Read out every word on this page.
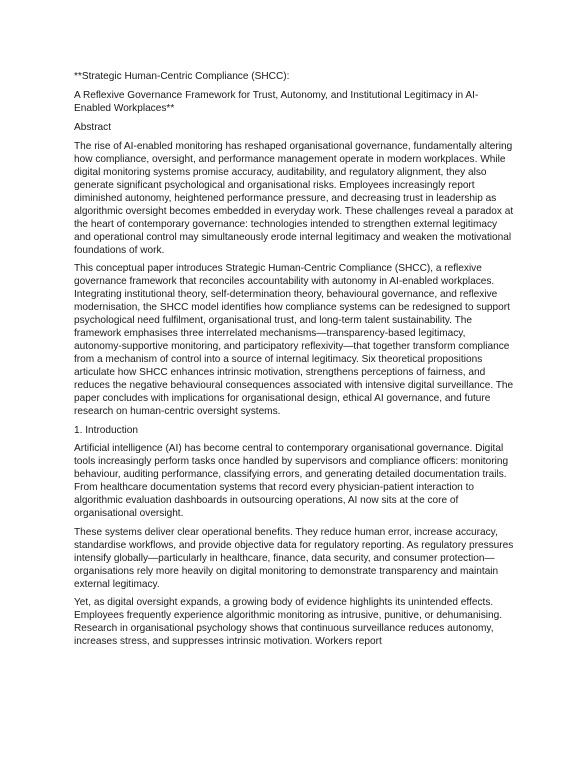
**Strategic Human-Centric Compliance (SHCC):

A Reflexive Governance Framework for Trust, Autonomy, and Institutional Legitimacy in AI-Enabled Workplaces**

Abstract

The rise of AI-enabled monitoring has reshaped organisational governance, fundamentally altering how compliance, oversight, and performance management operate in modern workplaces. While digital monitoring systems promise accuracy, auditability, and regulatory alignment, they also generate significant psychological and organisational risks. Employees increasingly report diminished autonomy, heightened performance pressure, and decreasing trust in leadership as algorithmic oversight becomes embedded in everyday work. These challenges reveal a paradox at the heart of contemporary governance: technologies intended to strengthen external legitimacy and operational control may simultaneously erode internal legitimacy and weaken the motivational foundations of work.

This conceptual paper introduces Strategic Human-Centric Compliance (SHCC), a reflexive governance framework that reconciles accountability with autonomy in AI-enabled workplaces. Integrating institutional theory, self-determination theory, behavioural governance, and reflexive modernisation, the SHCC model identifies how compliance systems can be redesigned to support psychological need fulfilment, organisational trust, and long-term talent sustainability. The framework emphasises three interrelated mechanisms—transparency-based legitimacy, autonomy-supportive monitoring, and participatory reflexivity—that together transform compliance from a mechanism of control into a source of internal legitimacy. Six theoretical propositions articulate how SHCC enhances intrinsic motivation, strengthens perceptions of fairness, and reduces the negative behavioural consequences associated with intensive digital surveillance. The paper concludes with implications for organisational design, ethical AI governance, and future research on human-centric oversight systems.

1. Introduction

Artificial intelligence (AI) has become central to contemporary organisational governance. Digital tools increasingly perform tasks once handled by supervisors and compliance officers: monitoring behaviour, auditing performance, classifying errors, and generating detailed documentation trails. From healthcare documentation systems that record every physician-patient interaction to algorithmic evaluation dashboards in outsourcing operations, AI now sits at the core of organisational oversight.

These systems deliver clear operational benefits. They reduce human error, increase accuracy, standardise workflows, and provide objective data for regulatory reporting. As regulatory pressures intensify globally—particularly in healthcare, finance, data security, and consumer protection—organisations rely more heavily on digital monitoring to demonstrate transparency and maintain external legitimacy.

Yet, as digital oversight expands, a growing body of evidence highlights its unintended effects. Employees frequently experience algorithmic monitoring as intrusive, punitive, or dehumanising. Research in organisational psychology shows that continuous surveillance reduces autonomy, increases stress, and suppresses intrinsic motivation. Workers report
